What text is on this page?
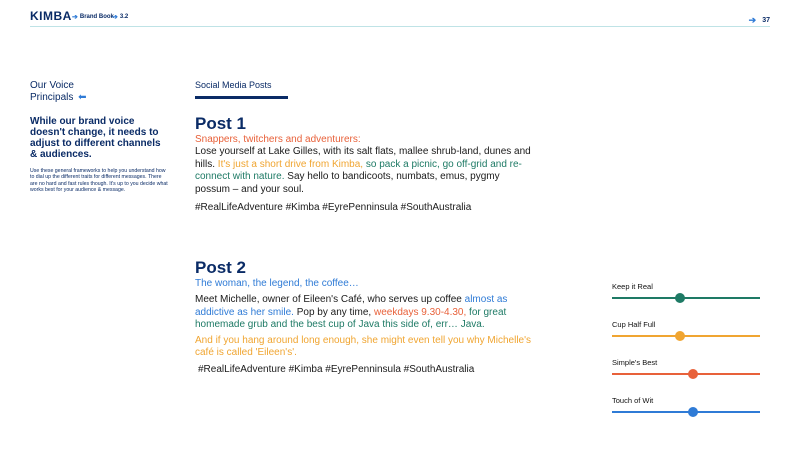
KIMBA ➔ Brand Book
➔ 3.2	➔ 37
Our Voice
Principals ⬅
While our brand voice doesn't change, it needs to adjust to different channels & audiences.
Use these general frameworks to help you understand how to dial up the different traits for different messages. There are no hard and fast rules though. It's up to you decide what works best for your audience & message.
Social Media Posts
Post 1

Snappers, twitchers and adventurers:

Lose yourself at Lake Gilles, with its salt flats, mallee shrub-land, dunes and hills. It's just a short drive from Kimba, so pack a picnic, go off-grid and re-connect with nature. Say hello to bandicoots, numbats, emus, pygmy possum – and your soul.

#RealLifeAdventure #Kimba #EyrePenninsula #SouthAustralia
Post 2

The woman, the legend, the coffee…

Meet Michelle, owner of Eileen's Café, who serves up coffee almost as addictive as her smile. Pop by any time, weekdays 9.30-4.30, for great homemade grub and the best cup of Java this side of, err… Java.

And if you hang around long enough, she might even tell you why Michelle's café is called 'Eileen's'.

#RealLifeAdventure #Kimba #EyrePenninsula #SouthAustralia
Keep it Real
Cup Half Full
Simple's Best
Touch of Wit
